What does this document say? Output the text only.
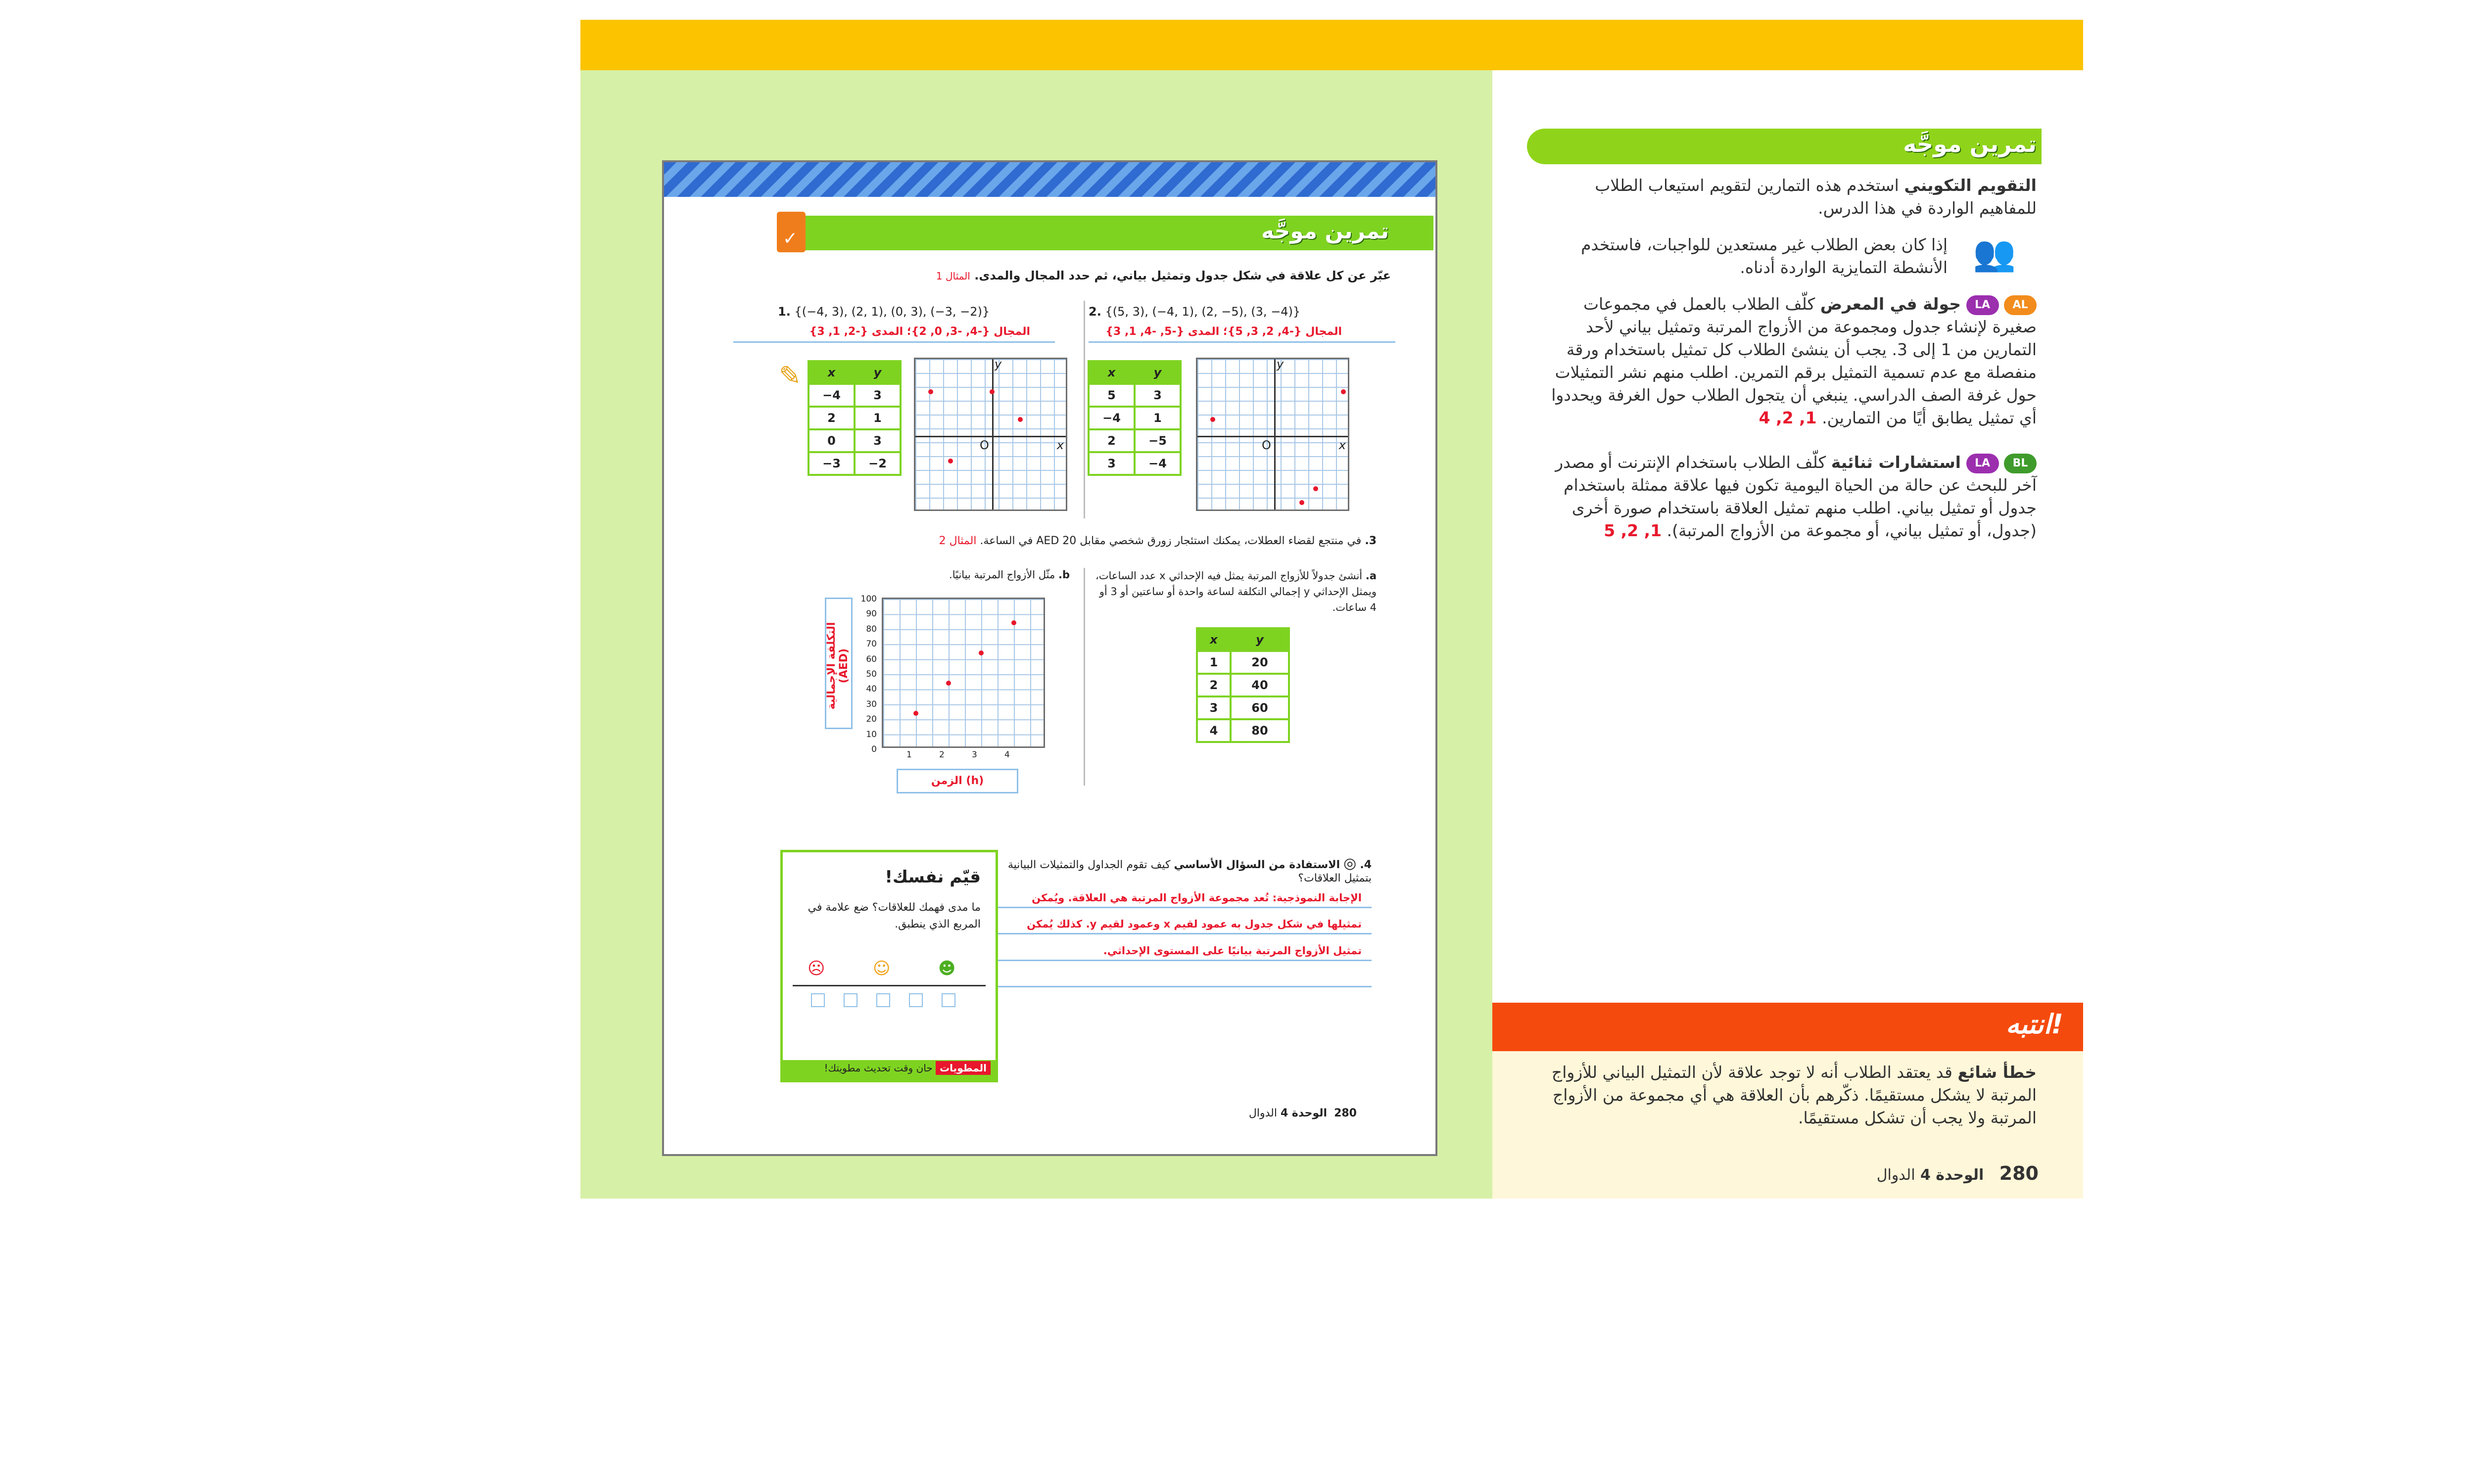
تمرين موجَّه
✓
عبّر عن كل علاقة في شكل جدول وتمثيل بياني، ثم حدد المجال والمدى. المثال 1
1. {(−4, 3), (2, 1), (0, 3), (−3, −2)}
المجال {-4, -3, 0, 2}؛ المدى {-2, 1, 3}
✎ x	y
−4	3
2	1
0	3
−3	−2
y
x
O
2. {(5, 3), (−4, 1), (2, −5), (3, −4)}
المجال {-4, 2, 3, 5}؛ المدى {-5, -4, 1, 3}
x	y
5	3
−4	1
2	−5
3	−4
y
x
O
3. في منتجع لقضاء العطلات، يمكنك استئجار زورق شخصي مقابل AED 20 في الساعة. المثال 2
a. أنشئ جدولاً للأزواج المرتبة يمثل فيه الإحداثي x عدد الساعات، ويمثل الإحداثي y إجمالي التكلفة لساعة واحدة أو ساعتين أو 3 أو 4 ساعات.
x	y
1	20
2	40
3	60
4	80
b. مثّل الأزواج المرتبة بيانيًا.
التكلفة الإجمالية (AED)
100
90
80
70
60
50
40
30
20
10
0
1	2	3	4
الزمن (h)
4. ◎ الاستفادة من السؤال الأساسي كيف تقوم الجداول والتمثيلات البيانية بتمثيل العلاقات؟
الإجابة النموذجية: تُعد مجموعة الأزواج المرتبة هي العلاقة. ويُمكن
تمثيلها في شكل جدول به عمود لقيم x وعمود لقيم y. كذلك يُمكن
تمثيل الأزواج المرتبة بيانيًا على المستوى الإحداثي.
قيّم نفسك!
ما مدى فهمك للعلاقات؟ ضع علامة في المربع الذي ينطبق.
☹	☺	☻
المطويات حان وقت تحديث مطويتك!
280  الوحدة 4 الدوال
تمرين موجَّه
التقويم التكويني استخدم هذه التمارين لتقويم استيعاب الطلاب للمفاهيم الواردة في هذا الدرس.
👥
إذا كان بعض الطلاب غير مستعدين للواجبات، فاستخدم الأنشطة التمايزية الواردة أدناه.
AL LA جولة في المعرض كلّف الطلاب بالعمل في مجموعات صغيرة لإنشاء جدول ومجموعة من الأزواج المرتبة وتمثيل بياني لأحد التمارين من 1 إلى 3. يجب أن ينشئ الطلاب كل تمثيل باستخدام ورقة منفصلة مع عدم تسمية التمثيل برقم التمرين. اطلب منهم نشر التمثيلات حول غرفة الصف الدراسي. ينبغي أن يتجول الطلاب حول الغرفة ويحددوا أي تمثيل يطابق أيًا من التمارين. 1, 2, 4
BL LA استشارات ثنائية كلّف الطلاب باستخدام الإنترنت أو مصدر آخر للبحث عن حالة من الحياة اليومية تكون فيها علاقة ممثلة باستخدام جدول أو تمثيل بياني. اطلب منهم تمثيل العلاقة باستخدام صورة أخرى (جدول، أو تمثيل بياني، أو مجموعة من الأزواج المرتبة). 1, 2, 5
انتبه!
خطأ شائع قد يعتقد الطلاب أنه لا توجد علاقة لأن التمثيل البياني للأزواج المرتبة لا يشكل مستقيمًا. ذكّرهم بأن العلاقة هي أي مجموعة من الأزواج المرتبة ولا يجب أن تشكل مستقيمًا.
280   الوحدة 4 الدوال
